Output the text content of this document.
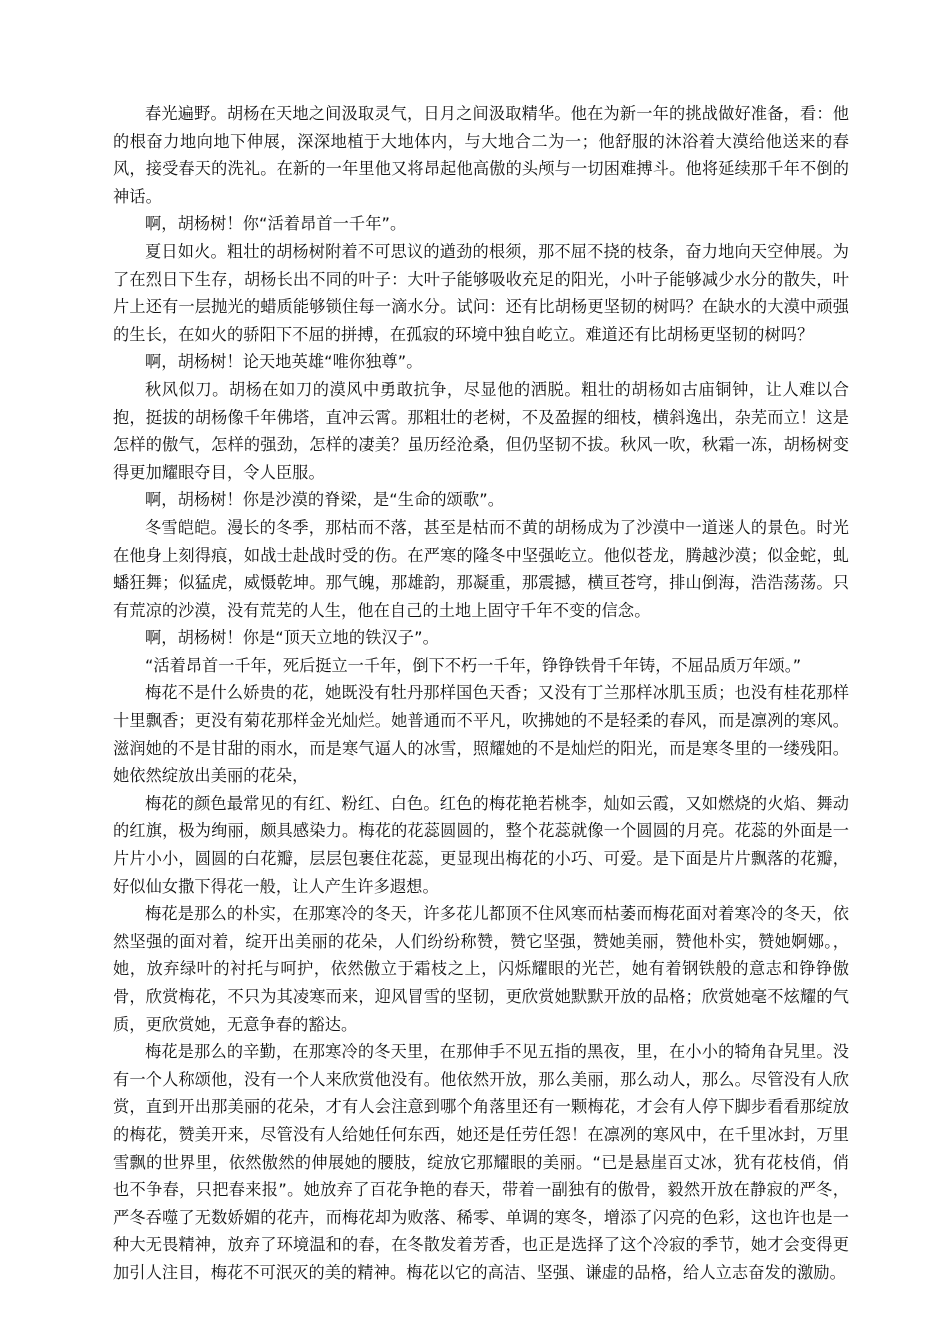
春光遍野。胡杨在天地之间汲取灵气，日月之间汲取精华。他在为新一年的挑战做好准备，看：他的根奋力地向地下伸展，深深地植于大地体内，与大地合二为一；他舒服的沐浴着大漠给他送来的春风，接受春天的洗礼。在新的一年里他又将昂起他高傲的头颅与一切困难搏斗。他将延续那千年不倒的神话。

啊，胡杨树！你“活着昂首一千年”。

夏日如火。粗壮的胡杨树附着不可思议的遒劲的根须，那不屈不挠的枝条，奋力地向天空伸展。为了在烈日下生存，胡杨长出不同的叶子：大叶子能够吸收充足的阳光，小叶子能够减少水分的散失，叶片上还有一层抛光的蜡质能够锁住每一滴水分。试问：还有比胡杨更坚韧的树吗？在缺水的大漠中顽强的生长，在如火的骄阳下不屈的拼搏，在孤寂的环境中独自屹立。难道还有比胡杨更坚韧的树吗？

啊，胡杨树！论天地英雄“唯你独尊”。

秋风似刀。胡杨在如刀的漠风中勇敢抗争，尽显他的洒脱。粗壮的胡杨如古庙铜钟，让人难以合抱，挺拔的胡杨像千年佛塔，直冲云霄。那粗壮的老树，不及盈握的细枝，横斜逸出，杂芜而立！这是怎样的傲气，怎样的强劲，怎样的凄美？虽历经沧桑，但仍坚韧不拔。秋风一吹，秋霜一冻，胡杨树变得更加耀眼夺目，令人臣服。

啊，胡杨树！你是沙漠的脊梁，是“生命的颂歌”。

冬雪皑皑。漫长的冬季，那枯而不落，甚至是枯而不黄的胡杨成为了沙漠中一道迷人的景色。时光在他身上刻得痕，如战士赴战时受的伤。在严寒的隆冬中坚强屹立。他似苍龙，腾越沙漠；似金蛇，虬蟠狂舞；似猛虎，威慑乾坤。那气魄，那雄韵，那凝重，那震撼，横亘苍穹，排山倒海，浩浩荡荡。只有荒凉的沙漠，没有荒芜的人生，他在自己的土地上固守千年不变的信念。

啊，胡杨树！你是“顶天立地的铁汉子”。

“活着昂首一千年，死后挺立一千年，倒下不朽一千年，铮铮铁骨千年铸，不屈品质万年颂。”

梅花不是什么娇贵的花，她既没有牡丹那样国色天香；又没有丁兰那样冰肌玉质；也没有桂花那样十里飘香；更没有菊花那样金光灿烂。她普通而不平凡，吹拂她的不是轻柔的春风，而是凛冽的寒风。滋润她的不是甘甜的雨水，而是寒气逼人的冰雪，照耀她的不是灿烂的阳光，而是寒冬里的一缕残阳。她依然绽放出美丽的花朵，

梅花的颜色最常见的有红、粉红、白色。红色的梅花艳若桃李，灿如云霞，又如燃烧的火焰、舞动的红旗，极为绚丽，颇具感染力。梅花的花蕊圆圆的，整个花蕊就像一个圆圆的月亮。花蕊的外面是一片片小小，圆圆的白花瓣，层层包裹住花蕊，更显现出梅花的小巧、可爱。是下面是片片飘落的花瓣，好似仙女撒下得花一般，让人产生许多遐想。

梅花是那么的朴实，在那寒冷的冬天，许多花儿都顶不住风寒而枯萎而梅花面对着寒冷的冬天，依然坚强的面对着，绽开出美丽的花朵，人们纷纷称赞，赞它坚强，赞她美丽，赞他朴实，赞她婀娜。，她，放弃绿叶的衬托与呵护，依然傲立于霜枝之上，闪烁耀眼的光芒，她有着钢铁般的意志和铮铮傲骨，欣赏梅花，不只为其凌寒而来，迎风冒雪的坚韧，更欣赏她默默开放的品格；欣赏她毫不炫耀的气质，更欣赏她，无意争春的豁达。

梅花是那么的辛勤，在那寒冷的冬天里，在那伸手不见五指的黑夜，里，在小小的犄角旮旯里。没有一个人称颂他，没有一个人来欣赏他没有。他依然开放，那么美丽，那么动人，那么。尽管没有人欣赏，直到开出那美丽的花朵，才有人会注意到哪个角落里还有一颗梅花，才会有人停下脚步看看那绽放的梅花，赞美开来，尽管没有人给她任何东西，她还是任劳任怨！在凛冽的寒风中，在千里冰封，万里雪飘的世界里，依然傲然的伸展她的腰肢，绽放它那耀眼的美丽。“已是悬崖百丈冰，犹有花枝俏，俏也不争春，只把春来报”。她放弃了百花争艳的春天，带着一副独有的傲骨，毅然开放在静寂的严冬，严冬吞噬了无数娇媚的花卉，而梅花却为败落、稀零、单调的寒冬，增添了闪亮的色彩，这也许也是一种大无畏精神，放弃了环境温和的春，在冬散发着芳香，也正是选择了这个冷寂的季节，她才会变得更加引人注目，梅花不可泯灭的美的精神。梅花以它的高洁、坚强、谦虚的品格，给人立志奋发的激励。
